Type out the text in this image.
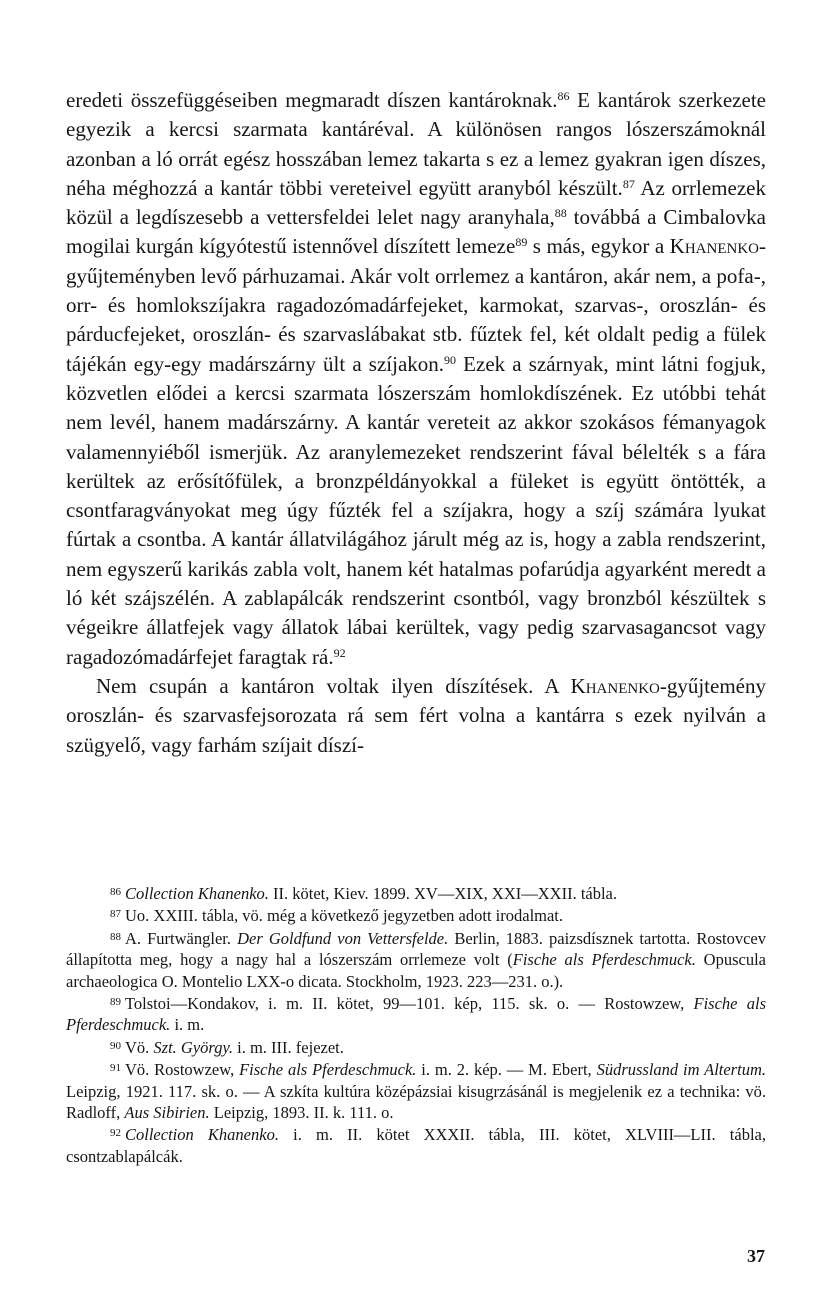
eredeti összefüggéseiben megmaradt díszen kantároknak.$^{86}$ E kantárok szerkezete egyezik a kercsi szarmata kantáréval. A különösen rangos lószerszámoknál azonban a ló orrát egész hosszában lemez takarta s ez a lemez gyakran igen díszes, néha méghozzá a kantár többi vereteivel együtt aranyból készült.$^{87}$ Az orrlemezek közül a legdíszesebb a vettersfeldei lelet nagy aranyhala,$^{88}$ továbbá a Cimbalovka mogilai kurgán kígyótestű istennővel díszített lemeze$^{89}$ s más, egykor a Khanenko-gyűjteményben levő párhuzamai. Akár volt orrlemez a kantáron, akár nem, a pofa-, orr- és homlokszíjakra ragadozómadárfejeket, karmokat, szarvas-, oroszlán- és párducfejeket, oroszlán- és szarvaslábakat stb. fűztek fel, két oldalt pedig a fülek tájékán egy-egy madárszárny ült a szíjakon.$^{90}$ Ezek a szárnyak, mint látni fogjuk, közvetlen elődei a kercsi szarmata lószerszám homlokdíszének. Ez utóbbi tehát nem levél, hanem madárszárny. A kantár vereteit az akkor szokásos fémanyagok valamennyiéből ismerjük. Az aranylemezeket rendszerint fával bélelték s a fára kerültek az erősítőfülek, a bronzpéldányokkal a füleket is együtt öntötték, a csontfaragványokat meg úgy fűzték fel a szíjakra, hogy a szíj számára lyukat fúrtak a csontba. A kantár állatvilágához járult még az is, hogy a zabla rendszerint, nem egyszerű karikás zabla volt, hanem két hatalmas pofarúdja agyarként meredt a ló két szájszélén. A zablapálcák rendszerint csontból, vagy bronzból készültek s végeikre állatfejek vagy állatok lábai kerültek, vagy pedig szarvasagancsot vagy ragadozómadárfejet faragtak rá.$^{92}$

Nem csupán a kantáron voltak ilyen díszítések. A Khanenko-gyűjtemény oroszlán- és szarvasfejsorozata rá sem fért volna a kantárra s ezek nyilván a szügyelő, vagy farhám szíjait díszí-

$^{86}$ Collection Khanenko. II. kötet, Kiev. 1899. XV—XIX, XXI—XXII. tábla.

$^{87}$ Uo. XXIII. tábla, vö. még a következő jegyzetben adott irodalmat.

$^{88}$ A. Furtwängler. Der Goldfund von Vettersfelde. Berlin, 1883. paizsdísznek tartotta. Rostovcev állapította meg, hogy a nagy hal a lószerszám orrlemeze volt (Fische als Pferdeschmuck. Opuscula archaeologica O. Montelio LXX-o dicata. Stockholm, 1923. 223—231. o.).

$^{89}$ Tolstoi—Kondakov, i. m. II. kötet, 99—101. kép, 115. sk. o. — Rostowzew, Fische als Pferdeschmuck. i. m.

$^{90}$ Vö. Szt. György. i. m. III. fejezet.

$^{91}$ Vö. Rostowzew, Fische als Pferdeschmuck. i. m. 2. kép. — M. Ebert, Südrussland im Altertum. Leipzig, 1921. 117. sk. o. — A szkíta kultúra középázsiai kisugrzásánál is megjelenik ez a technika: vö. Radloff, Aus Sibirien. Leipzig, 1893. II. k. 111. o.

$^{92}$ Collection Khanenko. i. m. II. kötet XXXII. tábla, III. kötet, XLVIII—LII. tábla, csontzablapálcák.

37
